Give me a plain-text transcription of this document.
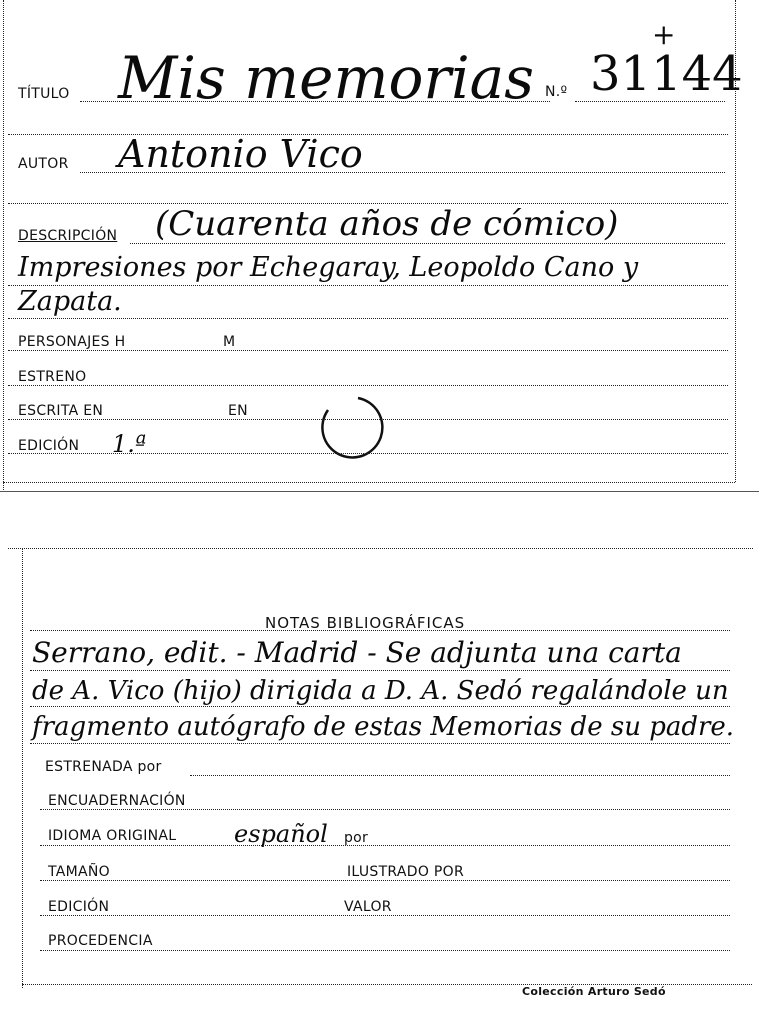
TÍTULO Mis memorias N.º 31144
+
AUTOR Antonio Vico
DESCRIPCIÓN (Cuarenta años de cómico)
Impresiones por Echegaray, Leopoldo Cano y
Zapata.
PERSONAJES H	M
ESTRENO
ESCRITA EN	EN
EDICIÓN 1.ª
NOTAS BIBLIOGRÁFICAS
Serrano, edit. - Madrid - Se adjunta una carta
de A. Vico (hijo) dirigida a D. A. Sedó regalándole un
fragmento autógrafo de estas Memorias de su padre.
ESTRENADA por
ENCUADERNACIÓN
IDIOMA ORIGINAL español por
TAMAÑO	ILUSTRADO POR
EDICIÓN	VALOR
PROCEDENCIA
Colección Arturo Sedó
